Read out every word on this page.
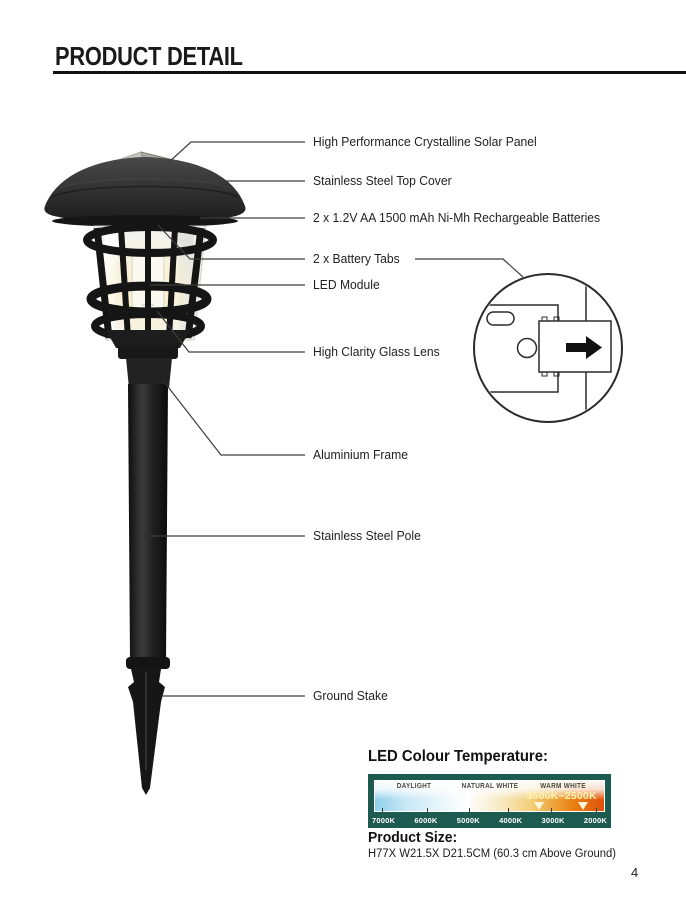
PRODUCT DETAIL
High Performance Crystalline Solar Panel
Stainless Steel Top Cover
2 x 1.2V AA 1500 mAh Ni-Mh Rechargeable Batteries
2 x Battery Tabs
LED Module
High Clarity Glass Lens
Aluminium Frame
Stainless Steel Pole
Ground Stake
LED Colour Temperature:
DAYLIGHT	NATURAL WHITE	WARM WHITE
3500K~2500K
7000K	6000K	5000K	4000K	3000K	2000K
Product Size:
H77X W21.5X D21.5CM (60.3 cm Above Ground)
4
